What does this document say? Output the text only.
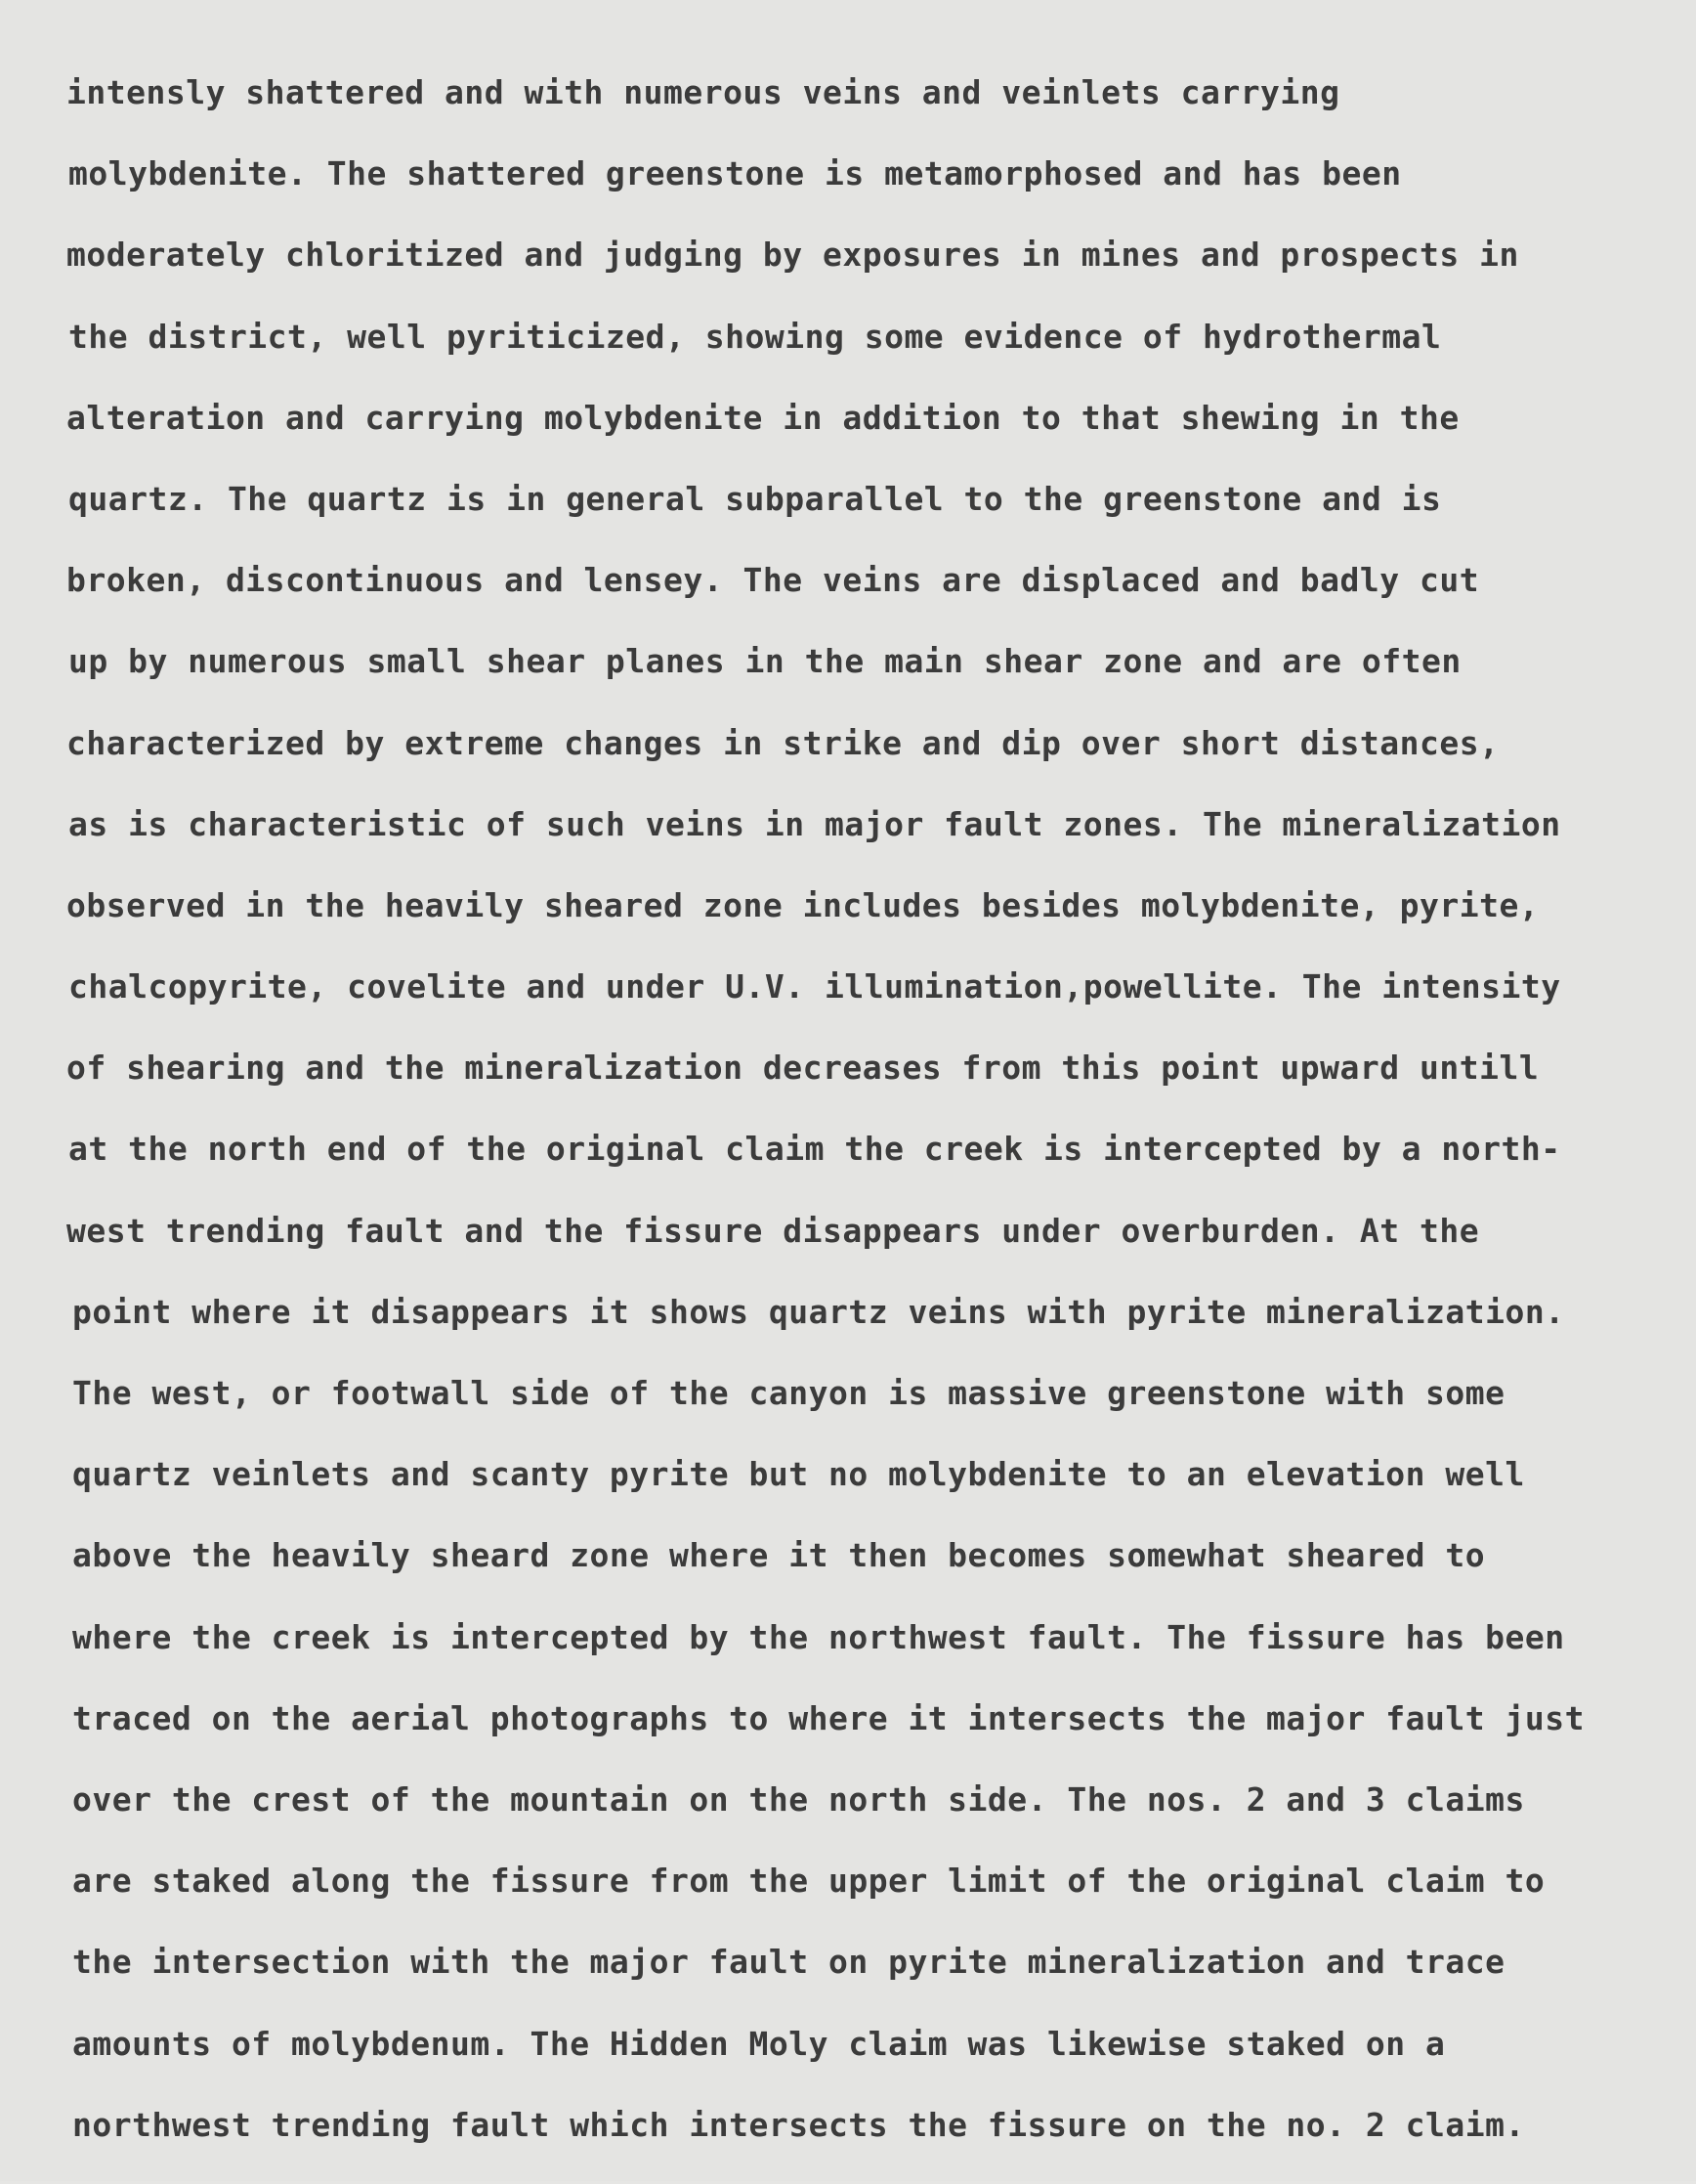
intensly shattered and with numerous veins and veinlets carrying
molybdenite. The shattered greenstone is metamorphosed and has been
moderately chloritized and judging by exposures in mines and prospects in
the district, well pyriticized, showing some evidence of hydrothermal
alteration and carrying molybdenite in addition to that shewing in the
quartz. The quartz is in general subparallel to the greenstone and is
broken, discontinuous and lensey. The veins are displaced and badly cut
up by numerous small shear planes in the main shear zone and are often
characterized by extreme changes in strike and dip over short distances,
as is characteristic of such veins in major fault zones. The mineralization
observed in the heavily sheared zone includes besides molybdenite, pyrite,
chalcopyrite, covelite and under U.V. illumination,powellite. The intensity
of shearing and the mineralization decreases from this point upward untill
at the north end of the original claim the creek is intercepted by a north-
west trending fault and the fissure disappears under overburden. At the
point where it disappears it shows quartz veins with pyrite mineralization.
The west, or footwall side of the canyon is massive greenstone with some
quartz veinlets and scanty pyrite but no molybdenite to an elevation well
above the heavily sheard zone where it then becomes somewhat sheared to
where the creek is intercepted by the northwest fault. The fissure has been
traced on the aerial photographs to where it intersects the major fault just
over the crest of the mountain on the north side. The nos. 2 and 3 claims
are staked along the fissure from the upper limit of the original claim to
the intersection with the major fault on pyrite mineralization and trace
amounts of molybdenum. The Hidden Moly claim was likewise staked on a
northwest trending fault which intersects the fissure on the no. 2 claim.
